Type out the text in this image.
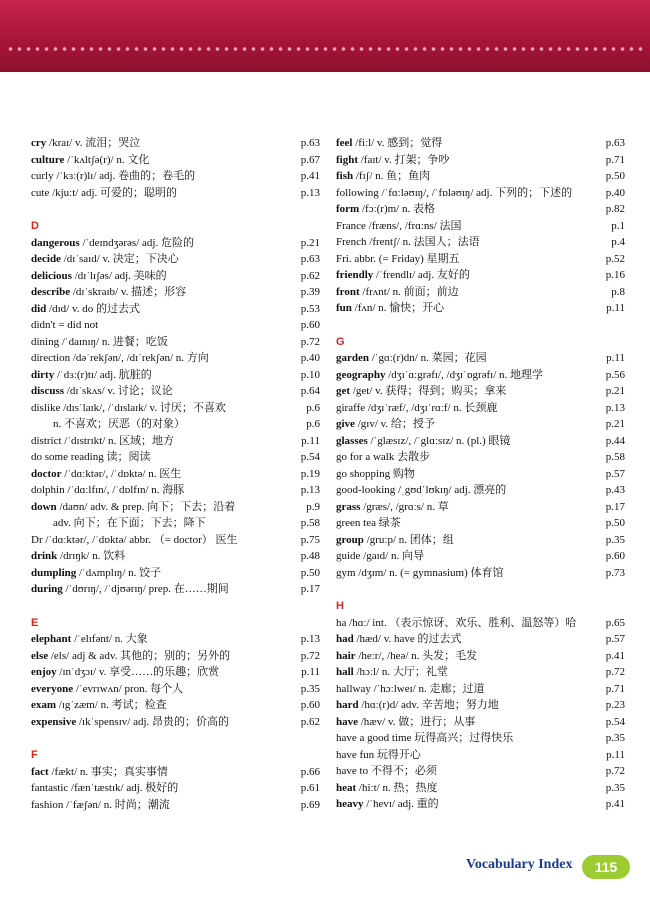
cry /kraɪ/ v. 流泪；哭泣	p.63
culture /ˈkʌltʃə(r)/ n. 文化	p.67
curly /ˈkɜː(r)lɪ/ adj. 卷曲的；卷毛的	p.41
cute /kjuːt/ adj. 可爱的；聪明的	p.13
D
dangerous /ˈdeɪndʒərəs/ adj. 危险的	p.21
decide /dɪˈsaɪd/ v. 决定；下决心	p.63
delicious /dɪˈlɪʃəs/ adj. 美味的	p.62
describe /dɪˈskraɪb/ v. 描述；形容	p.39
did /dɪd/ v. do 的过去式	p.53
didn't = did not	p.60
dining /ˈdaɪnɪŋ/ n. 进餐；吃饭	p.72
direction /dəˈrekʃən/, /dɪˈrekʃən/ n. 方向	p.40
dirty /ˈdɜː(r)tɪ/ adj. 肮脏的	p.10
discuss /dɪˈskʌs/ v. 讨论；议论	p.64
dislike /dɪsˈlaɪk/, /ˈdɪslaɪk/ v. 讨厌；不喜欢	p.6
n. 不喜欢；厌恶（的对象）	p.6
district /ˈdɪstrɪkt/ n. 区域；地方	p.11
do some reading 读；阅读	p.54
doctor /ˈdɑːktər/, /ˈdɒktə/ n. 医生	p.19
dolphin /ˈdɑːlfɪn/, /ˈdɒlfɪn/ n. 海豚	p.13
down /daʊn/ adv. & prep. 向下；下去；沿着	p.9
adv. 向下；在下面；下去；降下	p.58
Dr /ˈdɑːktər/, /ˈdɒktə/ abbr. （= doctor） 医生	p.75
drink /drɪŋk/ n. 饮料	p.48
dumpling /ˈdʌmplɪŋ/ n. 饺子	p.50
during /ˈdʊrɪŋ/, /ˈdjʊərɪŋ/ prep. 在……期间	p.17
E
elephant /ˈelɪfənt/ n. 大象	p.13
else /els/ adj & adv. 其他的；别的；另外的	p.72
enjoy /ɪnˈdʒɔɪ/ v. 享受……的乐趣；欣赏	p.11
everyone /ˈevrɪwʌn/ pron. 每个人	p.35
exam /ɪgˈzæm/ n. 考试；检查	p.60
expensive /ɪkˈspensɪv/ adj. 昂贵的；价高的	p.62
F
fact /fækt/ n. 事实；真实事情	p.66
fantastic /fænˈtæstɪk/ adj. 极好的	p.61
fashion /ˈfæʃən/ n. 时尚；潮流	p.69
feel /fiːl/ v. 感到；觉得	p.63
fight /faɪt/ v. 打架；争吵	p.71
fish /fɪʃ/ n. 鱼；鱼肉	p.50
following /ˈfɑːləʊɪŋ/, /ˈfɒləʊɪŋ/ adj. 下列的；下述的	p.40
form /fɔː(r)m/ n. 表格	p.82
France /fræns/, /frɑːns/ 法国	p.1
French /frentʃ/ n. 法国人；法语	p.4
Fri. abbr. (= Friday) 星期五	p.52
friendly /ˈfrendlɪ/ adj. 友好的	p.16
front /frʌnt/ n. 前面；前边	p.8
fun /fʌn/ n. 愉快；开心	p.11
G
garden /ˈgɑː(r)dn/ n. 菜园；花园	p.11
geography /dʒɪˈɑːgrəfɪ/, /dʒɪˈɒgrəfɪ/ n. 地理学	p.56
get /get/ v. 获得；得到；购买；拿来	p.21
giraffe /dʒɪˈræf/, /dʒɪˈrɑːf/ n. 长颈鹿	p.13
give /gɪv/ v. 给；授予	p.21
glasses /ˈglæsɪz/, /ˈglɑːsɪz/ n. (pl.) 眼镜	p.44
go for a walk 去散步	p.58
go shopping 购物	p.57
good-looking /ˌgʊdˈlʊkɪŋ/ adj. 漂亮的	p.43
grass /græs/, /grɑːs/ n. 草	p.17
green tea 绿茶	p.50
group /gruːp/ n. 团体；组	p.35
guide /gaɪd/ n. 向导	p.60
gym /dʒɪm/ n. (= gymnasium) 体育馆	p.73
H
ha /hɑː/ int. （表示惊讶、欢乐、胜利、温怒等）哈	p.65
had /hæd/ v. have 的过去式	p.57
hair /heːr/, /heə/ n. 头发；毛发	p.41
hall /hɔːl/ n. 大厅；礼堂	p.72
hallway /ˈhɔːlweɪ/ n. 走廊；过道	p.71
hard /hɑː(r)d/ adv. 辛苦地；努力地	p.23
have /hæv/ v. 做；进行；从事	p.54
have a good time 玩得高兴；过得快乐	p.35
have fun 玩得开心	p.11
have to 不得不；必须	p.72
heat /hiːt/ n. 热；热度	p.35
heavy /ˈhevɪ/ adj. 重的	p.41
Vocabulary Index	115
